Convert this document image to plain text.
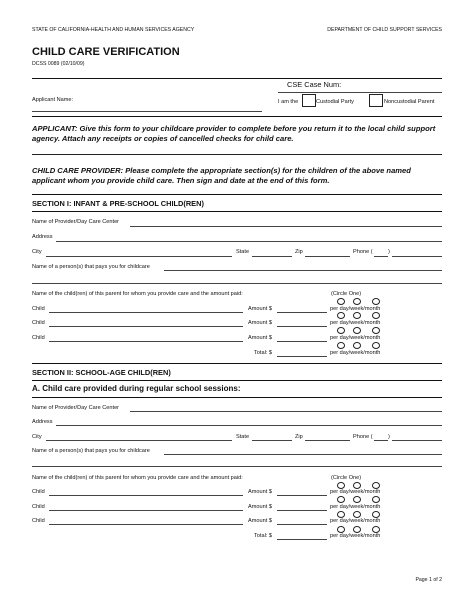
STATE OF CALIFORNIA-HEALTH AND HUMAN SERVICES AGENCY	DEPARTMENT OF CHILD SUPPORT SERVICES
CHILD CARE VERIFICATION
DCSS 0089 (02/10/09)
CSE Case Num:
Applicant Name:	I am the	Custodial Party	Noncustodial Parent
APPLICANT: Give this form to your childcare provider to complete before you return it to the local child support agency. Attach any receipts or copies of cancelled checks for child care.
CHILD CARE PROVIDER: Please complete the appropriate section(s) for the children of the above named applicant whom you provide child care. Then sign and date at the end of this form.
SECTION I: INFANT & PRE-SCHOOL CHILD(REN)
Name of Provider/Day Care Center
Address
City	State	Zip	Phone (	)
Name of a person(s) that pays you for childcare
Name of the child(ren) of this parent for whom you provide care and the amount paid:	(Circle One)
Child	Amount $	per day/week/month
Child	Amount $	per day/week/month
Child	Amount $	per day/week/month
Total: $	per day/week/month
SECTION II: SCHOOL-AGE CHILD(REN)
A. Child care provided during regular school sessions:
Name of Provider/Day Care Center
Address
City	State	Zip	Phone (	)
Name of a person(s) that pays you for childcare
Name of the child(ren) of this parent for whom you provide care and the amount paid:	(Circle One)
Child	Amount $	per day/week/month
Child	Amount $	per day/week/month
Child	Amount $	per day/week/month
Total: $	per day/week/month
Page 1 of 2
